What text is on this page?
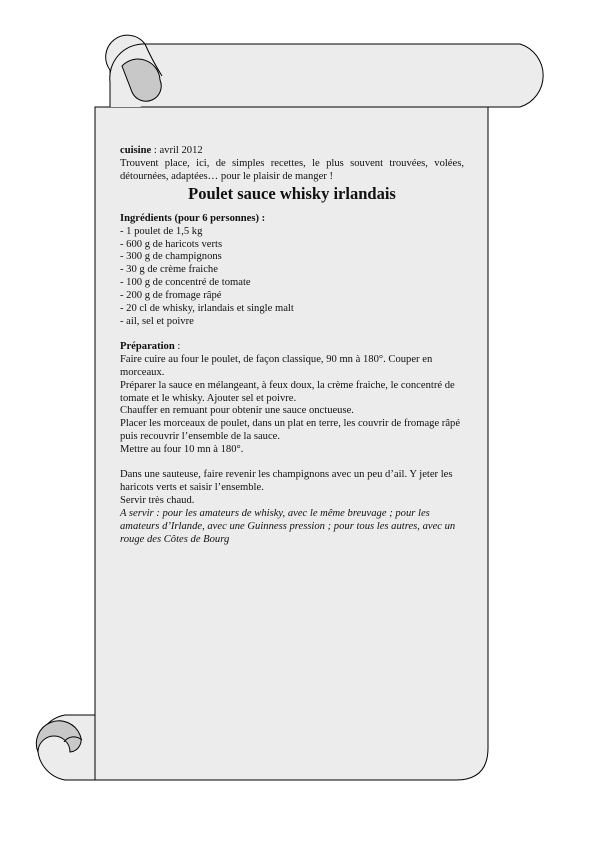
cuisine : avril 2012

Trouvent place, ici, de simples recettes, le plus souvent trouvées, volées, détournées, adaptées… pour le plaisir de manger !

Poulet sauce whisky irlandais

Ingrédients (pour 6 personnes) :

- 1 poulet de 1,5 kg
- 600 g de haricots verts
- 300 g de champignons
- 30 g de crème fraiche
- 100 g de concentré de tomate
- 200 g de fromage râpé
- 20 cl de whisky, irlandais et single malt
- ail, sel et poivre

Préparation :

Faire cuire au four le poulet, de façon classique, 90 mn à 180°. Couper en morceaux.

Préparer la sauce en mélangeant, à feux doux, la crème fraiche, le concentré de tomate et le whisky. Ajouter sel et poivre.

Chauffer en remuant pour obtenir une sauce onctueuse.

Placer les morceaux de poulet, dans un plat en terre, les couvrir de fromage râpé puis recouvrir l’ensemble de la sauce.

Mettre au four 10 mn à 180°.

Dans une sauteuse, faire revenir les champignons avec un peu d’ail. Y jeter les haricots verts et saisir l’ensemble.

Servir très chaud.

A servir : pour les amateurs de whisky, avec le même breuvage ; pour les amateurs d’Irlande, avec une Guinness pression ; pour tous les autres, avec un rouge des Côtes de Bourg
